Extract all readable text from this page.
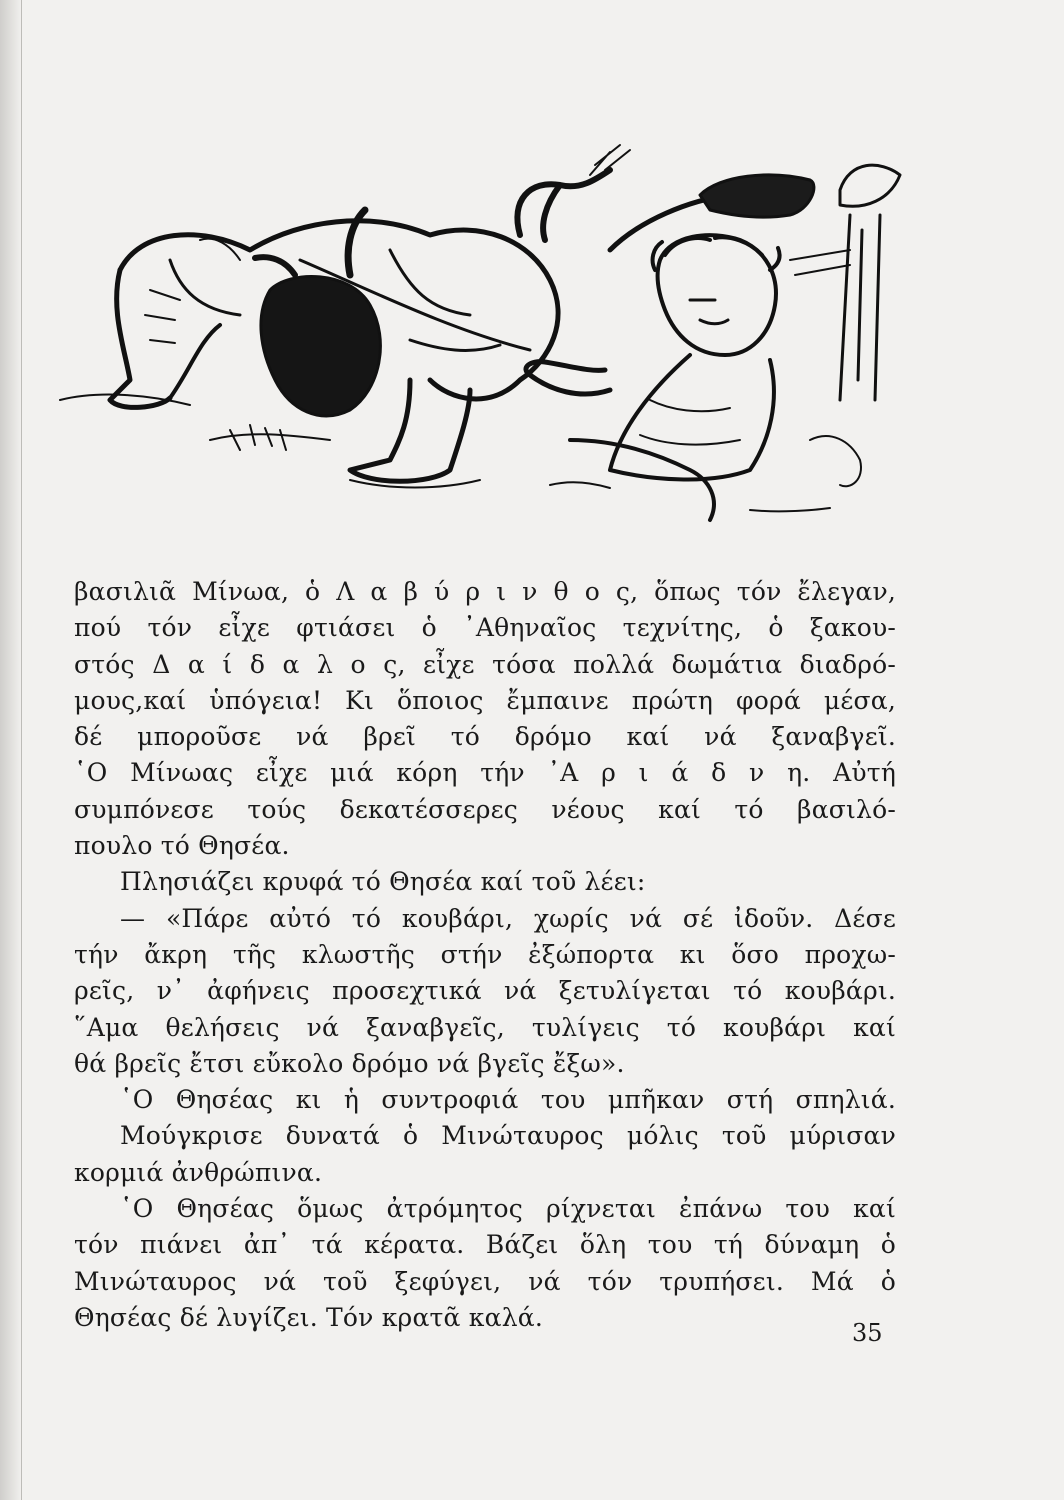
βασιλιᾶ Μίνωα, ὁ Λ α β ύ ρ ι ν θ ο ς, ὅπως τόν ἔλεγαν,
πού τόν εἶχε φτιάσει ὁ ᾿Αθηναῖος τεχνίτης, ὁ ξακου-
στός Δ α ί δ α λ ο ς, εἶχε τόσα πολλά δωμάτια διαδρό-
μους,καί ὑπόγεια! Κι ὅποιος ἔμπαινε πρώτη φορά μέσα,
δέ μποροῦσε νά βρεῖ τό δρόμο καί νά ξαναβγεῖ.
῾Ο Μίνωας εἶχε μιά κόρη τήν ᾿Α ρ ι ά δ ν η. Αὐτή
συμπόνεσε τούς δεκατέσσερες νέους καί τό βασιλό-
πουλο τό Θησέα.
Πλησιάζει κρυφά τό Θησέα καί τοῦ λέει:
— «Πάρε αὐτό τό κουβάρι, χωρίς νά σέ ἰδοῦν. Δέσε
τήν ἄκρη τῆς κλωστῆς στήν ἐξώπορτα κι ὅσο προχω-
ρεῖς, ν᾿ ἀφήνεις προσεχτικά νά ξετυλίγεται τό κουβάρι.
῞Αμα θελήσεις νά ξαναβγεῖς, τυλίγεις τό κουβάρι καί
θά βρεῖς ἔτσι εὔκολο δρόμο νά βγεῖς ἔξω».
῾Ο Θησέας κι ἡ συντροφιά του μπῆκαν στή σπηλιά.
Μούγκρισε δυνατά ὁ Μινώταυρος μόλις τοῦ μύρισαν
κορμιά ἀνθρώπινα.
῾Ο Θησέας ὅμως ἀτρόμητος ρίχνεται ἐπάνω του καί
τόν πιάνει ἀπ᾿ τά κέρατα. Βάζει ὅλη του τή δύναμη ὁ
Μινώταυρος νά τοῦ ξεφύγει, νά τόν τρυπήσει. Μά ὁ
Θησέας δέ λυγίζει. Τόν κρατᾶ καλά.
35
